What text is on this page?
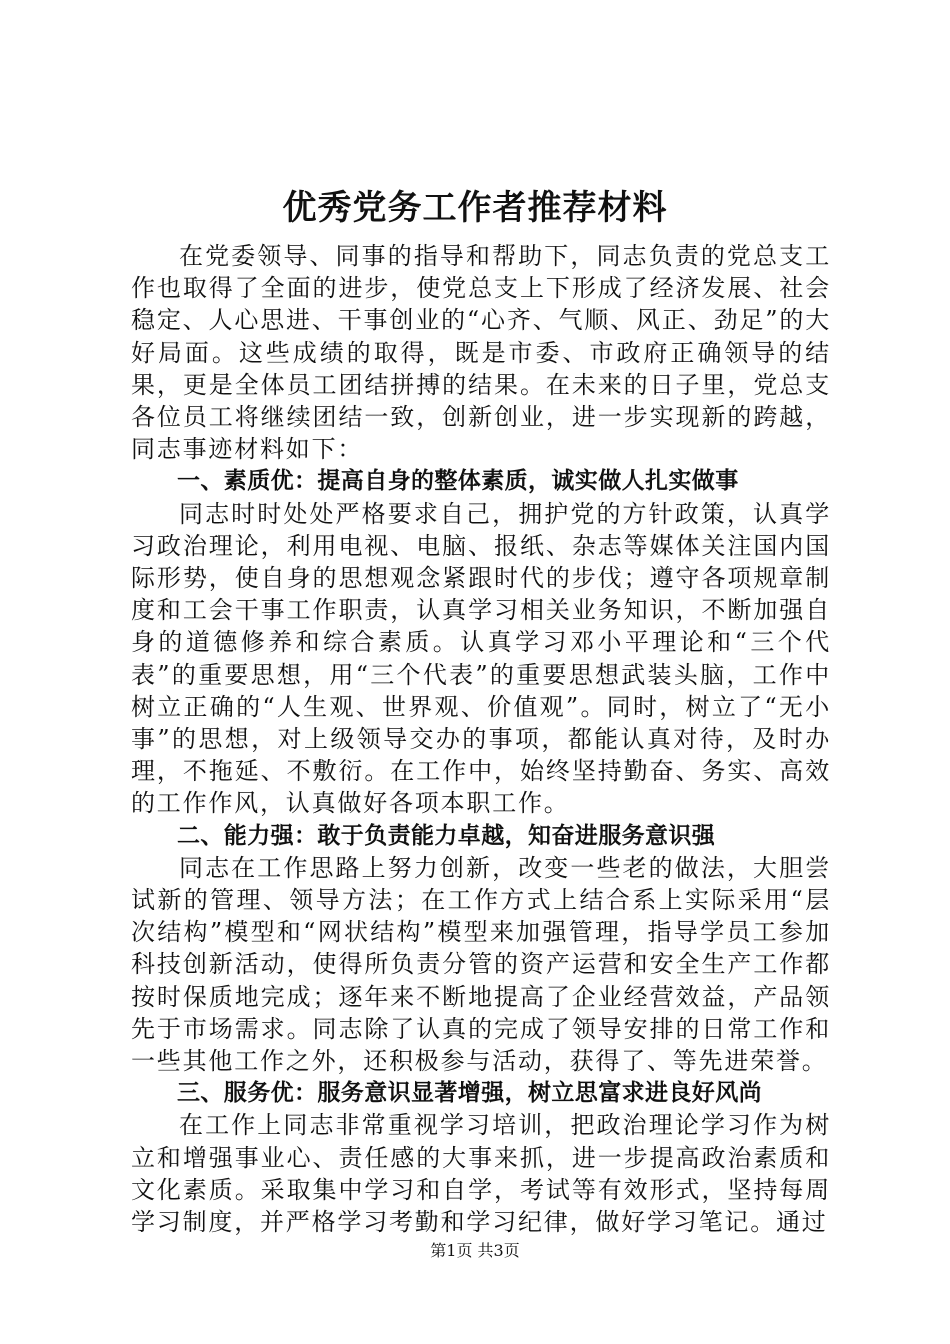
优秀党务工作者推荐材料

在党委领导、同事的指导和帮助下，同志负责的党总支工作也取得了全面的进步，使党总支上下形成了经济发展、社会稳定、人心思进、干事创业的“心齐、气顺、风正、劲足”的大好局面。这些成绩的取得，既是市委、市政府正确领导的结果，更是全体员工团结拼搏的结果。在未来的日子里，党总支各位员工将继续团结一致，创新创业，进一步实现新的跨越，同志事迹材料如下：

一、素质优：提高自身的整体素质，诚实做人扎实做事

同志时时处处严格要求自己，拥护党的方针政策，认真学习政治理论，利用电视、电脑、报纸、杂志等媒体关注国内国际形势，使自身的思想观念紧跟时代的步伐；遵守各项规章制度和工会干事工作职责，认真学习相关业务知识，不断加强自身的道德修养和综合素质。认真学习邓小平理论和“三个代表”的重要思想，用“三个代表”的重要思想武装头脑，工作中树立正确的“人生观、世界观、价值观”。同时，树立了“无小事”的思想，对上级领导交办的事项，都能认真对待，及时办理，不拖延、不敷衍。在工作中，始终坚持勤奋、务实、高效的工作作风，认真做好各项本职工作。

二、能力强：敢于负责能力卓越，知奋进服务意识强

同志在工作思路上努力创新，改变一些老的做法，大胆尝试新的管理、领导方法；在工作方式上结合系上实际采用“层次结构”模型和“网状结构”模型来加强管理，指导学员工参加科技创新活动，使得所负责分管的资产运营和安全生产工作都按时保质地完成；逐年来不断地提高了企业经营效益，产品领先于市场需求。同志除了认真的完成了领导安排的日常工作和一些其他工作之外，还积极参与活动，获得了、等先进荣誉。

三、服务优：服务意识显著增强，树立思富求进良好风尚

在工作上同志非常重视学习培训，把政治理论学习作为树立和增强事业心、责任感的大事来抓，进一步提高政治素质和文化素质。采取集中学习和自学，考试等有效形式，坚持每周学习制度，并严格学习考勤和学习纪律，做好学习笔记。通过

第1页 共3页
